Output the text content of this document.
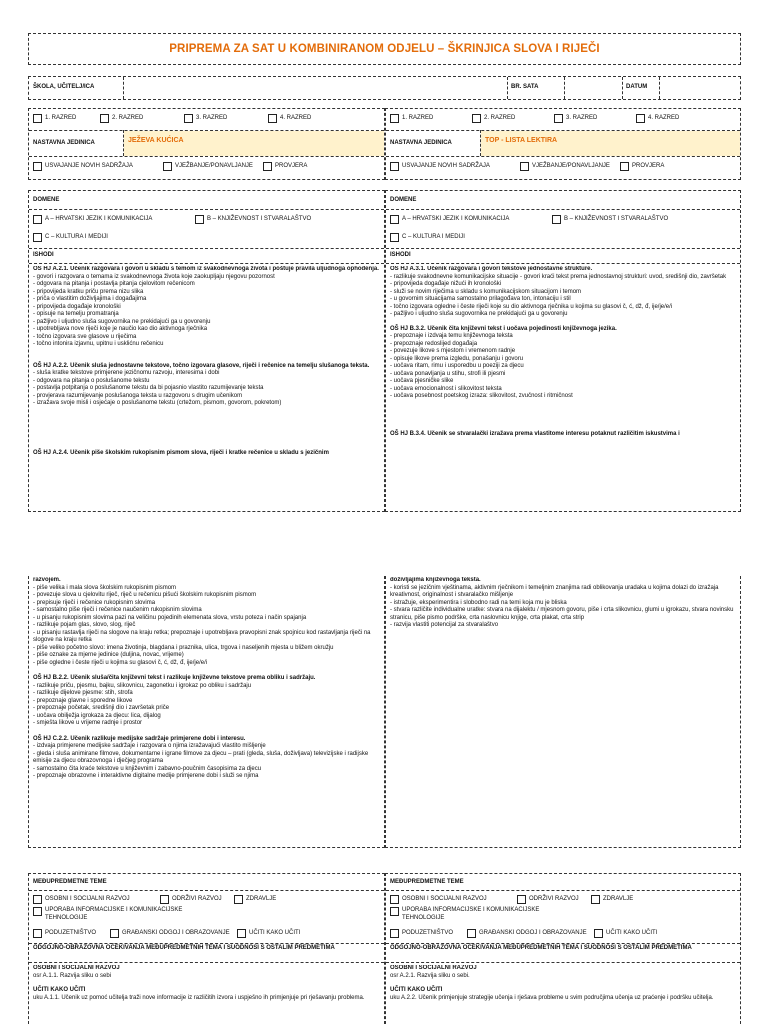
PRIPREMA ZA SAT U KOMBINIRANOM ODJELU – ŠKRINJICA SLOVA I RIJEČI
ŠKOLA, UČITELJ/ICA	BR. SATA	DATUM
1. RAZRED	2. RAZRED	3. RAZRED	4. RAZRED
NASTAVNA JEDINICA	JEŽEVA KUĆICA
USVAJANJE NOVIH SADRŽAJA	VJEŽBANJE/PONAVLJANJE	PROVJERA
1. RAZRED	2. RAZRED	3. RAZRED	4. RAZRED
NASTAVNA JEDINICA	TOP - LISTA LEKTIRA
USVAJANJE NOVIH SADRŽAJA	VJEŽBANJE/PONAVLJANJE	PROVJERA
DOMENE
A – HRVATSKI JEZIK I KOMUNIKACIJA	B – KNJIŽEVNOST I STVARALAŠTVO
C – KULTURA I MEDIJI
ISHODI

OŠ HJ A.2.1. Učenik razgovara i govori u skladu s temom iz svakodnevnoga života i poštuje pravila uljudnoga ophođenja.

- govori i razgovara o temama iz svakodnevnoga života koje zaokupljaju njegovu pozornost

- odgovara na pitanja i postavlja pitanja cjelovitom rečenicom

- pripovijeda kratku priču prema nizu slika

- priča o vlastitim doživljajima i događajima

- pripovijeda događaje kronološki

- opisuje na temelju promatranja

- pažljivo i uljudno sluša sugovornika ne prekidajući ga u govorenju

- upotrebljava nove riječi koje je naučio kao dio aktivnoga rječnika

- točno izgovara sve glasove u riječima

- točno intonira izjavnu, upitnu i usklićnu rečenicu

OŠ HJ A.2.2. Učenik sluša jednostavne tekstove, točno izgovara glasove, riječi i rečenice na temelju slušanoga teksta.

- sluša kratke tekstove primjerene jezičnomu razvoju, interesima i dobi

- odgovara na pitanja o poslušanome tekstu

- postavlja potpitanja o poslušanome tekstu da bi pojasnio vlastito razumijevanje teksta

- provjerava razumijevanje poslušanoga teksta u razgovoru s drugim učenikom

- izražava svoje misli i osjećaje o poslušanome tekstu (crtežom, pismom, govorom, pokretom)

OŠ HJ A.2.4. Učenik piše školskim rukopisnim pismom slova, riječi i kratke rečenice u skladu s jezičnim

DOMENE
A – HRVATSKI JEZIK I KOMUNIKACIJA	B – KNJIŽEVNOST I STVARALAŠTVO
C – KULTURA I MEDIJI
ISHODI

OŠ HJ A.3.1. Učenik razgovara i govori tekstove jednostavne strukture.

- razlikuje svakodnevne komunikacijske situacije - govori kraći tekst prema jednostavnoj strukturi: uvod, središnji dio, završetak

- pripovijeda događaje nižući ih kronološki

- služi se novim riječima u skladu s komunikacijskom situacijom i temom

- u govornim situacijama samostalno prilagođava ton, intonaciju i stil

- točno izgovara ogledne i česte riječi koje su dio aktivnoga rječnika u kojima su glasovi č, ć, dž, đ, ije/je/e/i

- pažljivo i uljudno sluša sugovornika ne prekidajući ga u govorenju

OŠ HJ B.3.2. Učenik čita književni tekst i uočava pojedinosti književnoga jezika.

- prepoznaje i izdvaja temu književnoga teksta

- prepoznaje redoslijed događaja

- povezuje likove s mjestom i vremenom radnje

- opisuje likove prema izgledu, ponašanju i govoru

- uočava ritam, rimu i usporedbu u poeziji za djecu

- uočava ponavljanja u stihu, strofi ili pjesmi

- uočava pjesničke slike

- uočava emocionalnost i slikovitost teksta

- uočava posebnost poetskog izraza: slikovitost, zvučnost i ritmičnost

OŠ HJ B.3.4. Učenik se stvaralački izražava prema vlastitome interesu potaknut različitim iskustvima i

razvojem.

- piše velika i mala slova školskim rukopisnim pismom

- povezuje slova u cjelovitu riječ, riječ u rečenicu pišući školskim rukopisnim pismom

- prepisuje riječi i rečenice rukopisnim slovima

- samostalno piše riječi i rečenice naučenim rukopisnim slovima

- u pisanju rukopisnim slovima pazi na veličinu pojedinih elemenata slova, vrstu poteza i način spajanja

- razlikuje pojam glas, slovo, slog, riječ

- u pisanju rastavlja riječi na slogove na kraju retka; prepoznaje i upotrebljava pravopisni znak spojnicu kod rastavljanja riječi na slogove na kraju retka

- piše veliko početno slovo: imena životinja, blagdana i praznika, ulica, trgova i naseljenih mjesta u bližem okružju

- piše oznake za mjerne jedinice (duljina, novac, vrijeme)

- piše ogledne i česte riječi u kojima su glasovi č, ć, dž, đ, ije/je/e/i

OŠ HJ B.2.2. Učenik sluša/čita književni tekst i razlikuje književne tekstove prema obliku i sadržaju.

- razlikuje priču, pjesmu, bajku, slikovnicu, zagonetku i igrokaz po obliku i sadržaju

- razlikuje dijelove pjesme: stih, strofa

- prepoznaje glavne i sporedne likove

- prepoznaje početak, središnji dio i završetak priče

- uočava obilježja igrokaza za djecu: lica, dijalog

- smješta likove u vrijeme radnje i prostor

OŠ HJ C.2.2. Učenik razlikuje medijske sadržaje primjerene dobi i interesu.

- izdvaja primjerene medijske sadržaje i razgovara o njima izražavajući vlastito mišljenje

- gleda i sluša animirane filmove, dokumentarne i igrane filmove za djecu – prati (gleda, sluša, doživljava) televizijske i radijske emisije za djecu obrazovnoga i dječjeg programa

- samostalno čita kraće tekstove u književnim i zabavno-poučnim časopisima za djecu

- prepoznaje obrazovne i interaktivne digitalne medije primjerene dobi i služi se njima

doživljajima književnoga teksta.

- koristi se jezičnim vještinama, aktivnim rječnikom i temeljnim znanjima radi oblikovanja uradaka u kojima dolazi do izražaja kreativnost, originalnost i stvaralačko mišljenje

- istražuje, eksperimentira i slobodno radi na temi koja mu je bliska

- stvara različite individualne uratke: stvara na dijalektu / mjesnom govoru, piše i crta slikovnicu, glumi u igrokazu, stvara novinsku stranicu, piše pismo podrške, crta naslovnicu knjige, crta plakat, crta strip

- razvija vlastiti potencijal za stvaralaštvo

MEĐUPREDMETNE TEME
OSOBNI I SOCIJALNI RAZVOJ	ODRŽIVI RAZVOJ	ZDRAVLJE
UPORABA INFORMACIJSKE I KOMUNIKACIJSKE TEHNOLOGIJE
PODUZETNIŠTVO	GRAĐANSKI ODGOJ I OBRAZOVANJE	UČITI KAKO UČITI

ODGOJNO-OBRAZOVNA OČEKIVANJA MEĐUPREDMETNIH TEMA I SUODNOSI S OSTALIM PREDMETIMA

OSOBNI I SOCIJALNI RAZVOJ

osr A.1.1. Razvija sliku o sebi

UČITI KAKO UČITI

uku A.1.1. Učenik uz pomoć učitelja traži nove informacije iz različitih izvora i uspješno ih primjenjuje pri rješavanju problema.

MEĐUPREDMETNE TEME
OSOBNI I SOCIJALNI RAZVOJ	ODRŽIVI RAZVOJ	ZDRAVLJE
UPORABA INFORMACIJSKE I KOMUNIKACIJSKE TEHNOLOGIJE
PODUZETNIŠTVO	GRAĐANSKI ODGOJ I OBRAZOVANJE	UČITI KAKO UČITI

ODGOJNO-OBRAZOVNA OČEKIVANJA MEĐUPREDMETNIH TEMA I SUODNOSI S OSTALIM PREDMETIMA

OSOBNI I SOCIJALNI RAZVOJ

osr A.2.1. Razvija sliku o sebi.

UČITI KAKO UČITI

uku A.2.2. Učenik primjenjuje strategije učenja i rješava probleme u svim područjima učenja uz praćenje i podršku učitelja.
